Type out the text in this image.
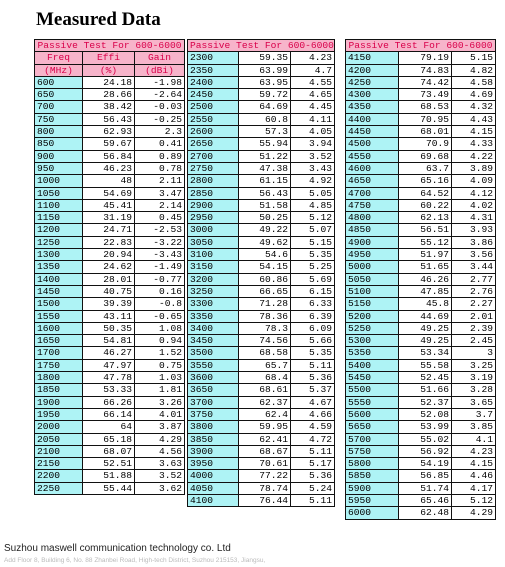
Measured Data
Passive Test For 600-6000		
Freq	Effi	Gain
(MHz)	(%)	(dBi)
600	24.18	-1.98
650	28.66	-2.64
700	38.42	-0.03
750	56.43	-0.25
800	62.93	2.3
850	59.67	0.41
900	56.84	0.89
950	46.23	0.78
1000	48	2.11
1050	54.69	3.47
1100	45.41	2.14
1150	31.19	0.45
1200	24.71	-2.53
1250	22.83	-3.22
1300	20.94	-3.43
1350	24.62	-1.49
1400	28.01	-0.77
1450	40.75	0.16
1500	39.39	-0.8
1550	43.11	-0.65
1600	50.35	1.08
1650	54.81	0.94
1700	46.27	1.52
1750	47.97	0.75
1800	47.78	1.03
1850	53.33	1.81
1900	66.26	3.26
1950	66.14	4.01
2000	64	3.87
2050	65.18	4.29
2100	68.07	4.56
2150	52.51	3.63
2200	51.88	3.52
2250	55.44	3.62
Passive Test For 600-6000		
2300	59.35	4.23
2350	63.99	4.7
2400	63.95	4.55
2450	59.72	4.65
2500	64.69	4.45
2550	60.8	4.11
2600	57.3	4.05
2650	55.94	3.94
2700	51.22	3.52
2750	47.38	3.43
2800	61.15	4.92
2850	56.43	5.05
2900	51.58	4.85
2950	50.25	5.12
3000	49.22	5.07
3050	49.62	5.15
3100	54.6	5.35
3150	54.15	5.25
3200	60.86	5.69
3250	66.65	6.15
3300	71.28	6.33
3350	78.36	6.39
3400	78.3	6.09
3450	74.56	5.66
3500	68.58	5.35
3550	65.7	5.11
3600	68.4	5.36
3650	68.61	5.37
3700	62.37	4.67
3750	62.4	4.66
3800	59.95	4.59
3850	62.41	4.72
3900	68.67	5.11
3950	70.61	5.17
4000	77.22	5.36
4050	78.74	5.24
4100	76.44	5.11
Passive Test For 600-6000		
4150	79.19	5.15
4200	74.83	4.82
4250	74.42	4.58
4300	73.49	4.69
4350	68.53	4.32
4400	70.95	4.43
4450	68.01	4.15
4500	70.9	4.33
4550	69.68	4.22
4600	63.7	3.89
4650	65.16	4.09
4700	64.52	4.12
4750	60.22	4.02
4800	62.13	4.31
4850	56.51	3.93
4900	55.12	3.86
4950	51.97	3.56
5000	51.65	3.44
5050	46.26	2.77
5100	47.85	2.76
5150	45.8	2.27
5200	44.69	2.01
5250	49.25	2.39
5300	49.25	2.45
5350	53.34	3
5400	55.58	3.25
5450	52.45	3.19
5500	51.66	3.28
5550	52.37	3.65
5600	52.08	3.7
5650	53.99	3.85
5700	55.02	4.1
5750	56.92	4.23
5800	54.19	4.15
5850	56.85	4.46
5900	51.74	4.17
5950	65.46	5.12
6000	62.48	4.29
Suzhou maswell communication technology co. Ltd
Add Floor 8, Building 6, No. 88 Zhanbei Road, High-tech District, Suzhou 215153, Jiangsu,
